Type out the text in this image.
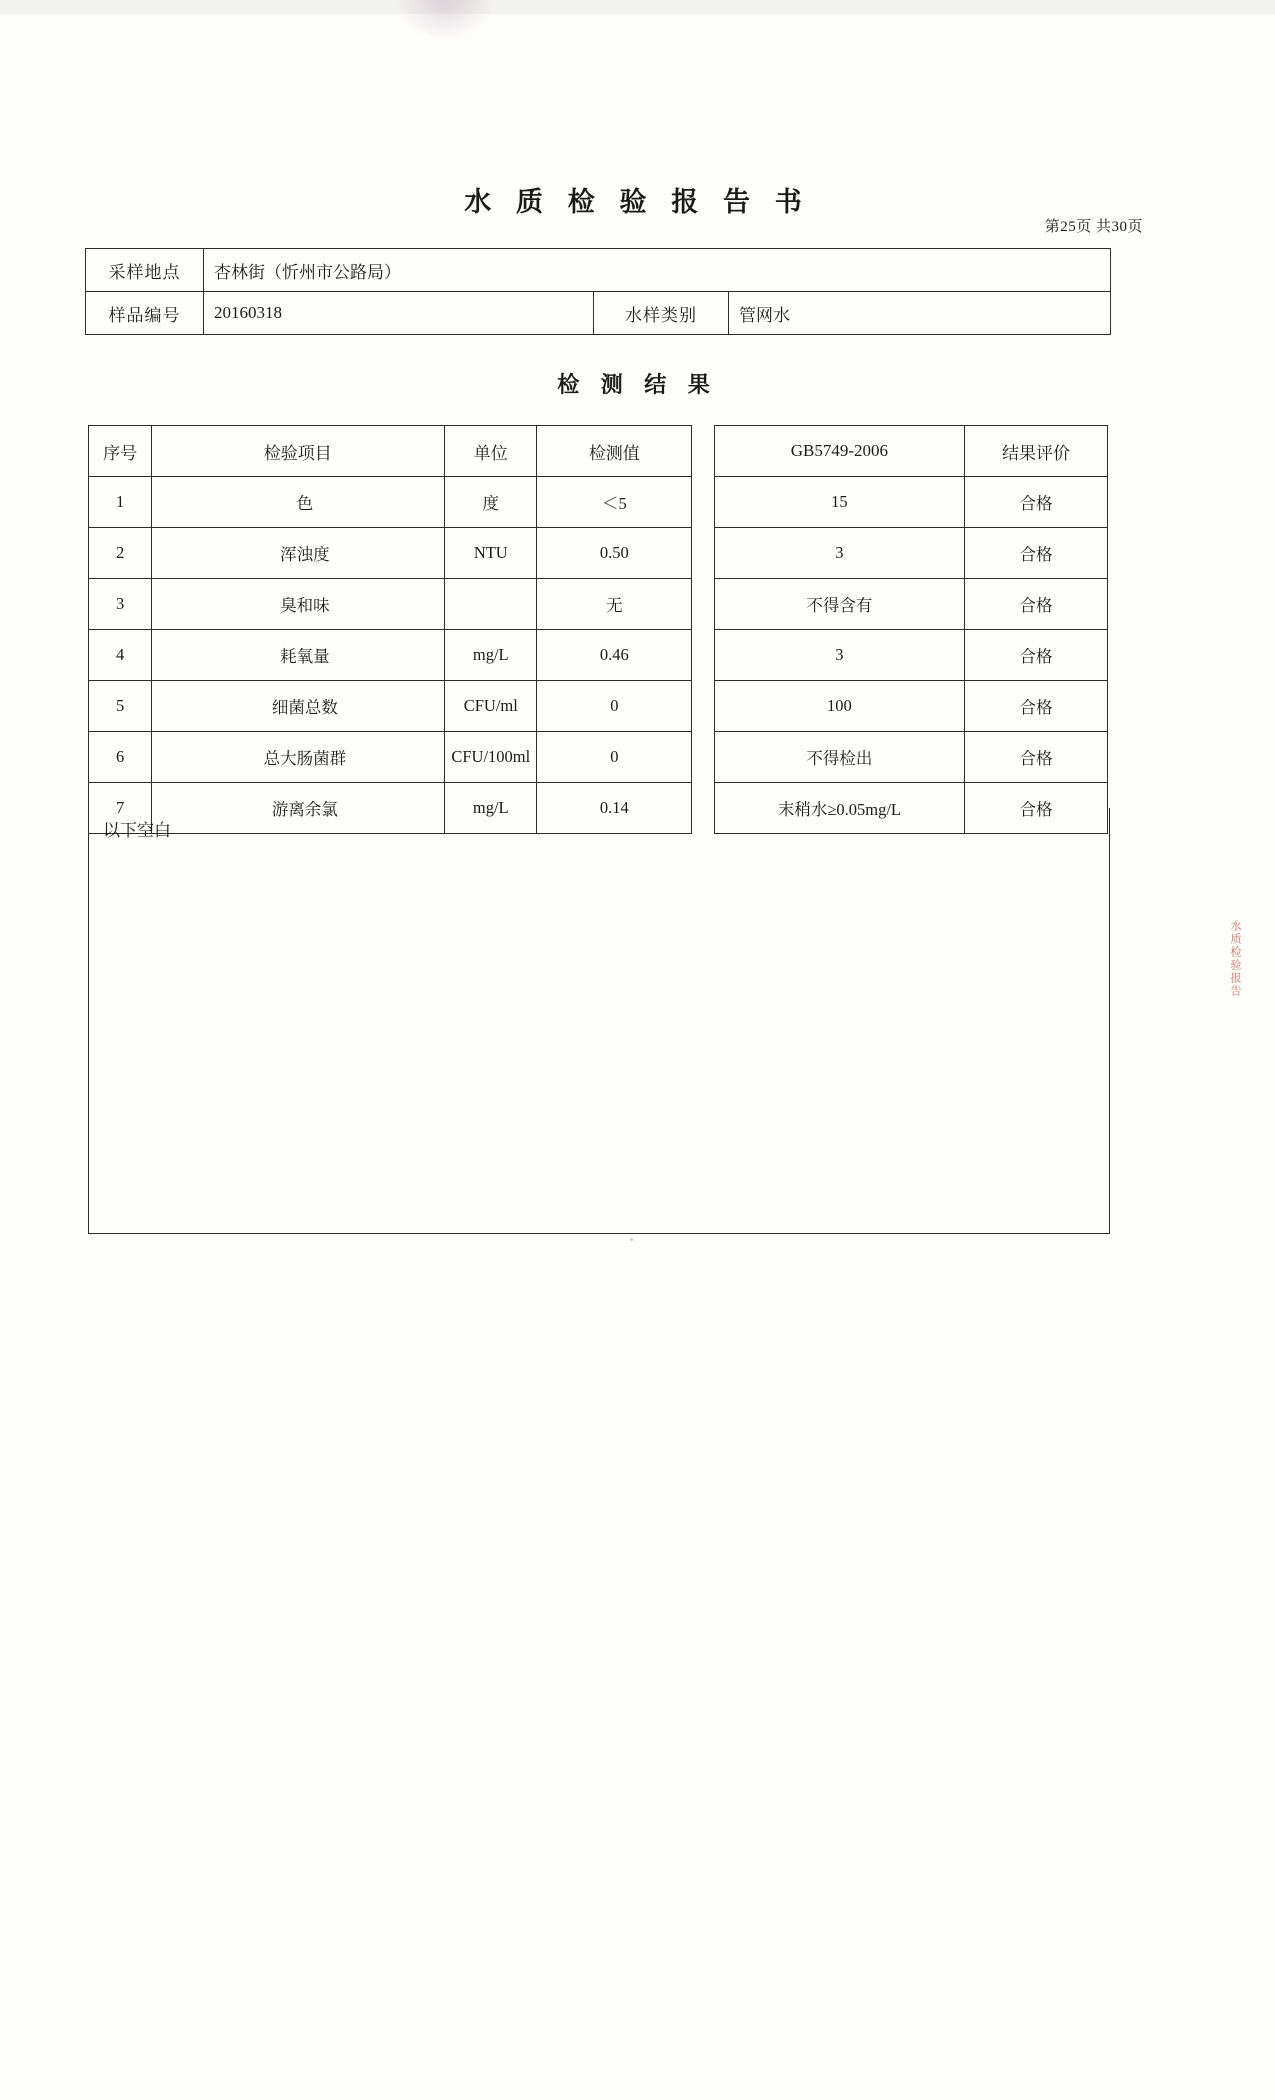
水 质 检 验 报 告 书
第25页 共30页
采样地点	杏林街（忻州市公路局）		
样品编号	20160318	水样类别	管网水
检 测 结 果
序号	检验项目	单位	检测值		GB5749-2006	结果评价
1	色	度	＜5		15	合格
2	浑浊度	NTU	0.50		3	合格
3	臭和味		无		不得含有	合格
4	耗氧量	mg/L	0.46		3	合格
5	细菌总数	CFU/ml	0		100	合格
6	总大肠菌群	CFU/100ml	0		不得检出	合格
7	游离余氯	mg/L	0.14		末稍水≥0.05mg/L	合格
以下空白
水质检验报告
